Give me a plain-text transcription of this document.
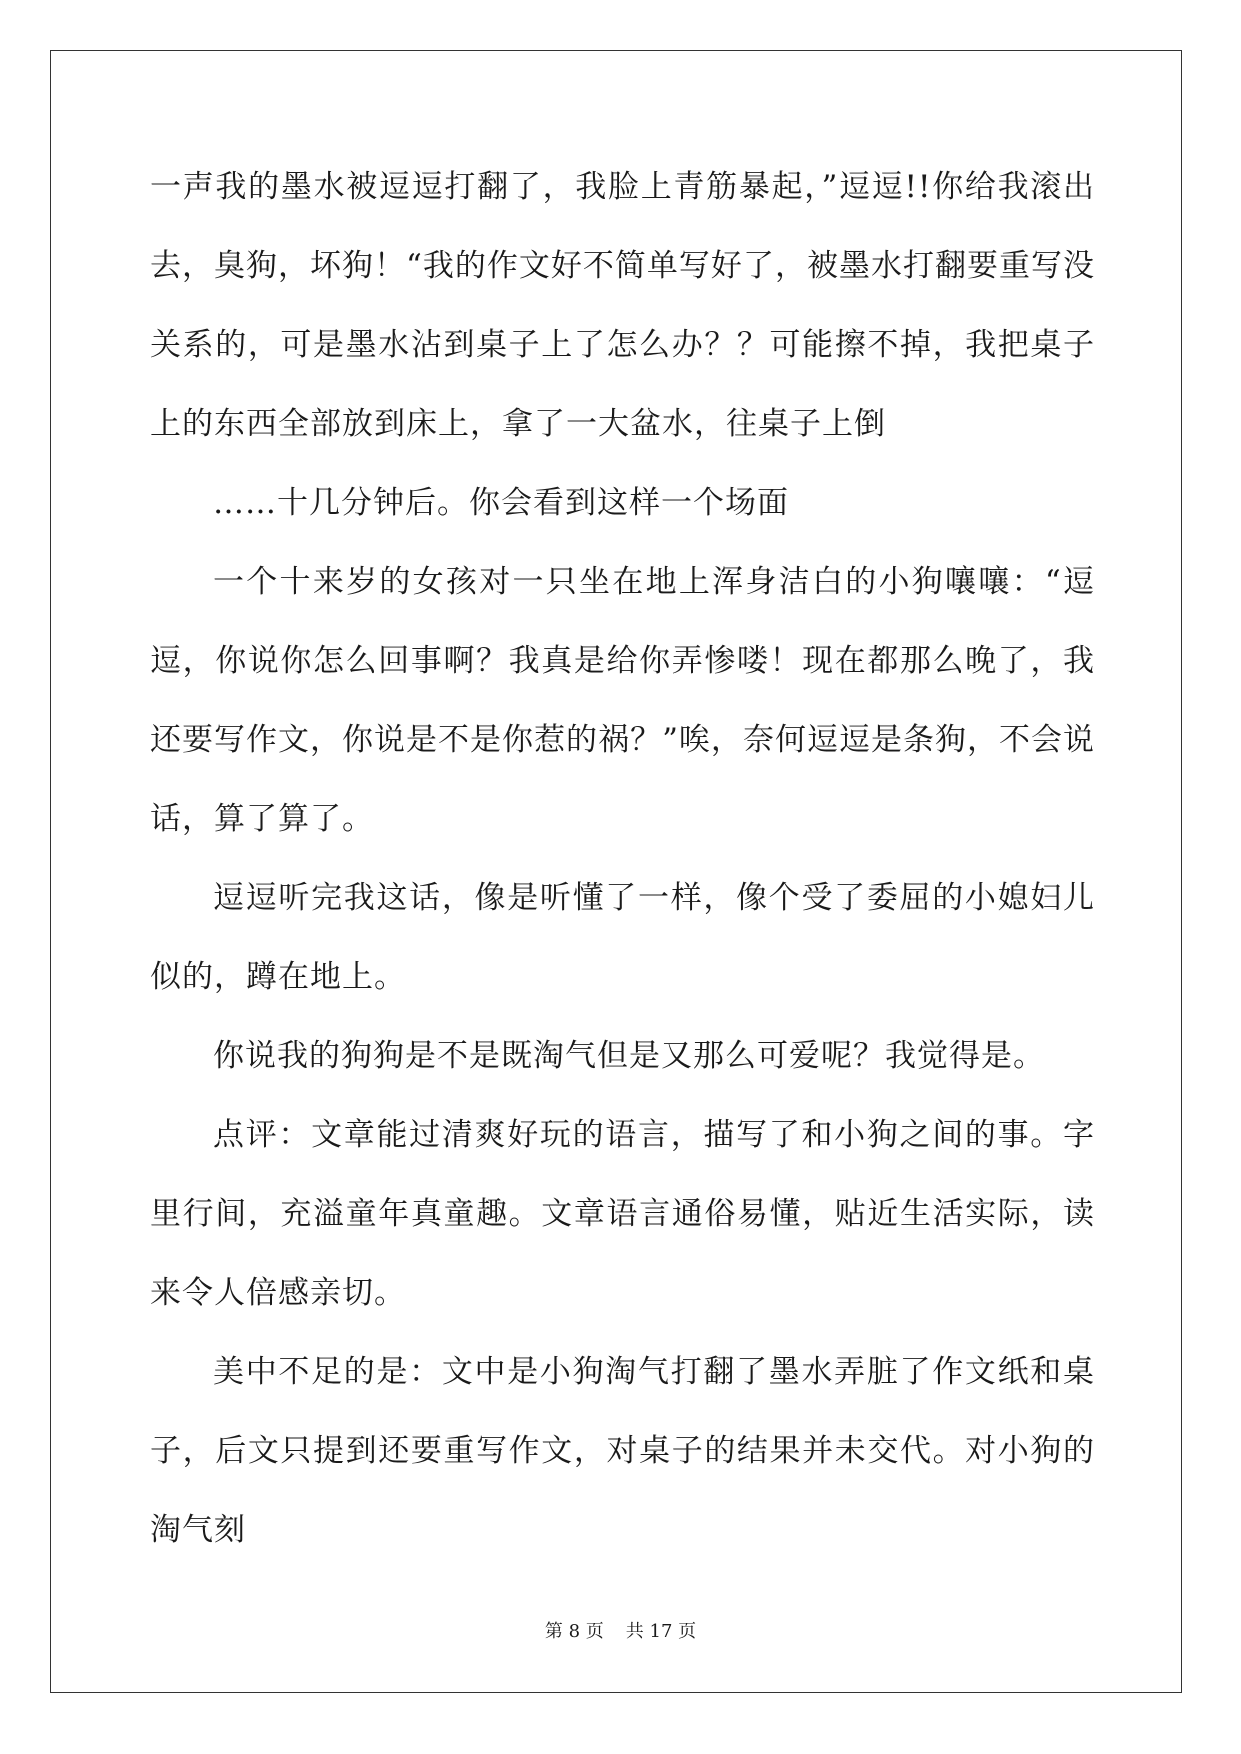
一声我的墨水被逗逗打翻了，我脸上青筋暴起，”逗逗!!你给我滚出去，臭狗，坏狗！“我的作文好不简单写好了，被墨水打翻要重写没关系的，可是墨水沾到桌子上了怎么办？？可能擦不掉，我把桌子上的东西全部放到床上，拿了一大盆水，往桌子上倒

……十几分钟后。你会看到这样一个场面

一个十来岁的女孩对一只坐在地上浑身洁白的小狗嚷嚷：“逗逗，你说你怎么回事啊？我真是给你弄惨喽！现在都那么晚了，我还要写作文，你说是不是你惹的祸？”唉，奈何逗逗是条狗，不会说话，算了算了。

逗逗听完我这话，像是听懂了一样，像个受了委屈的小媳妇儿似的，蹲在地上。

你说我的狗狗是不是既淘气但是又那么可爱呢？我觉得是。

点评：文章能过清爽好玩的语言，描写了和小狗之间的事。字里行间，充溢童年真童趣。文章语言通俗易懂，贴近生活实际，读来令人倍感亲切。

美中不足的是：文中是小狗淘气打翻了墨水弄脏了作文纸和桌子，后文只提到还要重写作文，对桌子的结果并未交代。对小狗的淘气刻

第 8 页 共 17 页
